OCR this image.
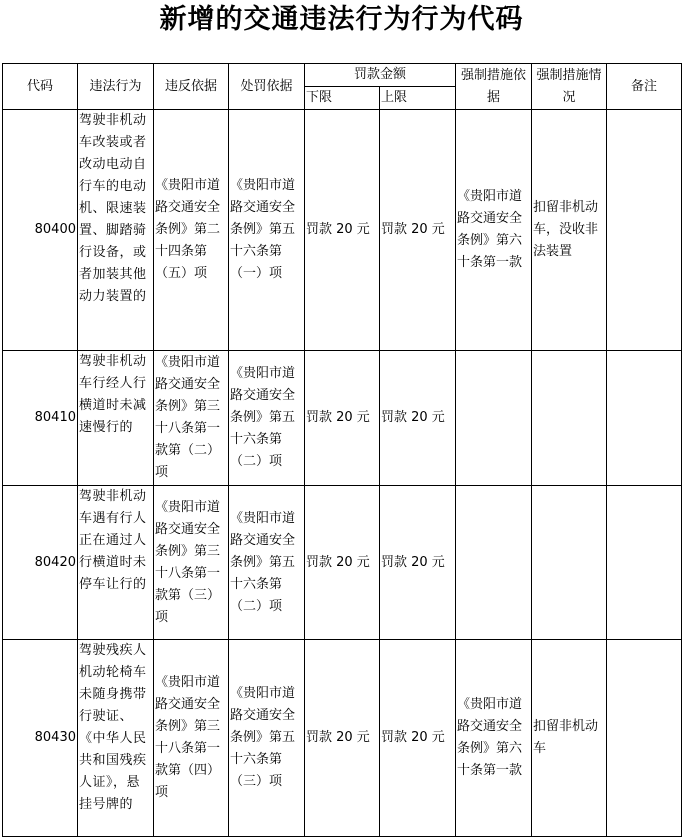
新增的交通违法行为行为代码
代码	违法行为	违反依据	处罚依据	罚款金额		强制措施依据	强制措施情况	备注
				下限	上限			
80400	驾驶非机动车改装或者改动电动自行车的电动机、限速装置、脚踏骑行设备，或者加装其他动力装置的	《贵阳市道路交通安全条例》第二十四条第（五）项	《贵阳市道路交通安全条例》第五十六条第（一）项	罚款 20 元	罚款 20 元	《贵阳市道路交通安全条例》第六十条第一款	扣留非机动车，没收非法装置	
80410	驾驶非机动车行经人行横道时未减速慢行的	《贵阳市道路交通安全条例》第三十八条第一款第（二）项	《贵阳市道路交通安全条例》第五十六条第（二）项	罚款 20 元	罚款 20 元			
80420	驾驶非机动车遇有行人正在通过人行横道时未停车让行的	《贵阳市道路交通安全条例》第三十八条第一款第（三）项	《贵阳市道路交通安全条例》第五十六条第（二）项	罚款 20 元	罚款 20 元			
80430	驾驶残疾人机动轮椅车未随身携带行驶证、《中华人民共和国残疾人证》，悬挂号牌的	《贵阳市道路交通安全条例》第三十八条第一款第（四）项	《贵阳市道路交通安全条例》第五十六条第（三）项	罚款 20 元	罚款 20 元	《贵阳市道路交通安全条例》第六十条第一款	扣留非机动车	
